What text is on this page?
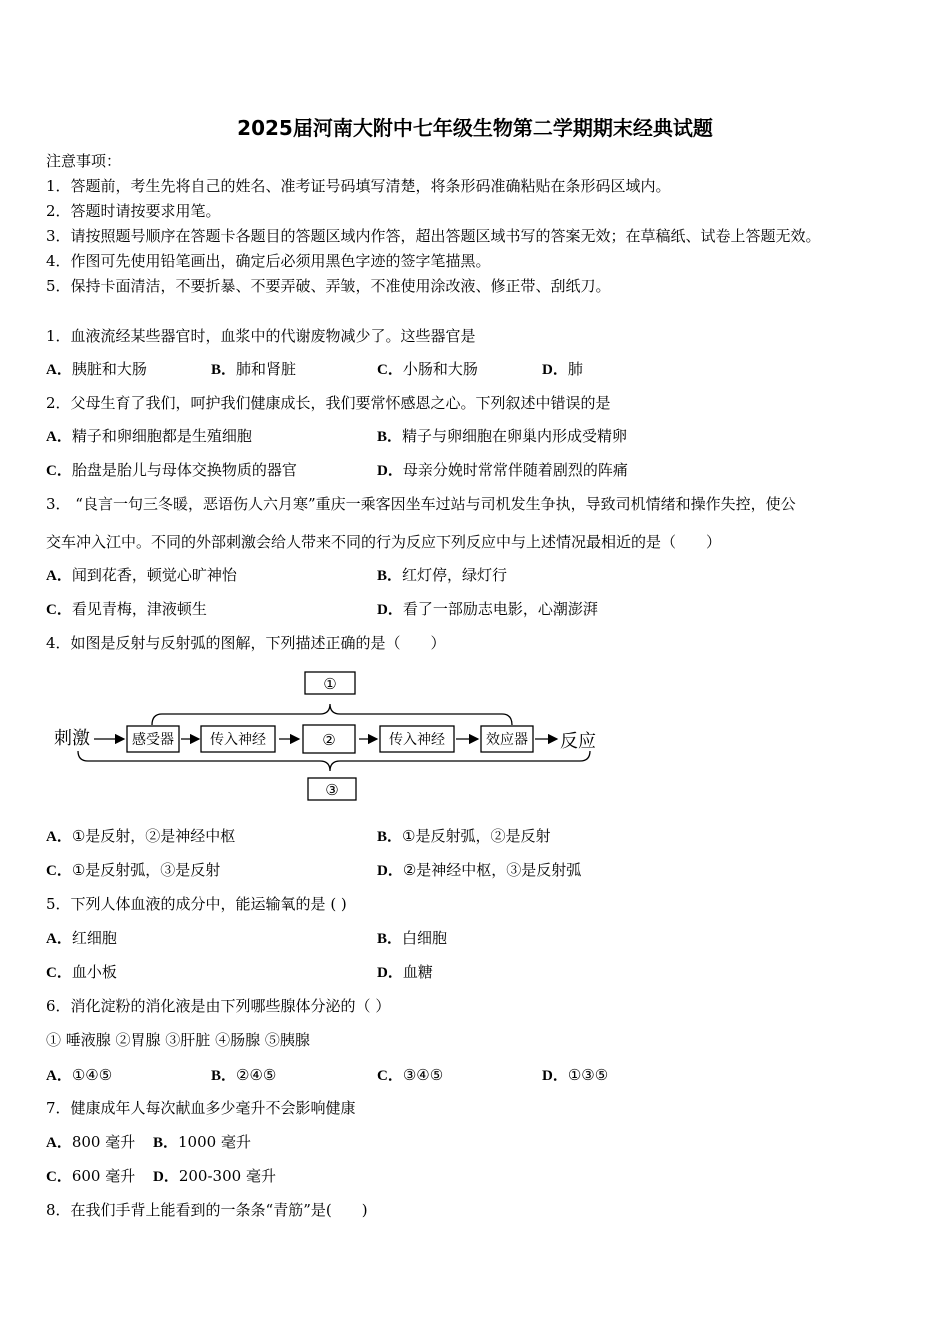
2025届河南大附中七年级生物第二学期期末经典试题
注意事项：
1．答题前，考生先将自己的姓名、准考证号码填写清楚，将条形码准确粘贴在条形码区域内。
2．答题时请按要求用笔。
3．请按照题号顺序在答题卡各题目的答题区域内作答，超出答题区域书写的答案无效；在草稿纸、试卷上答题无效。
4．作图可先使用铅笔画出，确定后必须用黑色字迹的签字笔描黑。
5．保持卡面清洁，不要折暴、不要弄破、弄皱，不准使用涂改液、修正带、刮纸刀。
1．血液流经某些器官时，血浆中的代谢废物减少了。这些器官是
A．胰脏和大肠	B．肺和肾脏	C．小肠和大肠	D．肺
2．父母生育了我们，呵护我们健康成长，我们要常怀感恩之心。下列叙述中错误的是
A．精子和卵细胞都是生殖细胞	B．精子与卵细胞在卵巢内形成受精卵
C．胎盘是胎儿与母体交换物质的器官	D．母亲分娩时常常伴随着剧烈的阵痛
3． “良言一句三冬暖，恶语伤人六月寒”重庆一乘客因坐车过站与司机发生争执，导致司机情绪和操作失控，使公
交车冲入江中。不同的外部刺激会给人带来不同的行为反应下列反应中与上述情况最相近的是（　　）
A．闻到花香，顿觉心旷神怡	B．红灯停，绿灯行
C．看见青梅，津液顿生	D．看了一部励志电影，心潮澎湃
4．如图是反射与反射弧的图解，下列描述正确的是（　　）
①
刺激	感受器	传入神经	②	传入神经	效应器 反应
③
A．①是反射，②是神经中枢	B．①是反射弧，②是反射
C．①是反射弧，③是反射	D．②是神经中枢，③是反射弧
5．下列人体血液的成分中，能运输氧的是 ( )
A．红细胞	B．白细胞
C．血小板	D．血糖
6．消化淀粉的消化液是由下列哪些腺体分泌的（ ）
① 唾液腺 ②胃腺 ③肝脏 ④肠腺 ⑤胰腺
A．①④⑤	B．②④⑤	C．③④⑤	D．①③⑤
7．健康成年人每次献血多少毫升不会影响健康
A．800 毫升 B．1000 毫升
C．600 毫升 D．200-300 毫升
8．在我们手背上能看到的一条条“青筋”是(　　)
